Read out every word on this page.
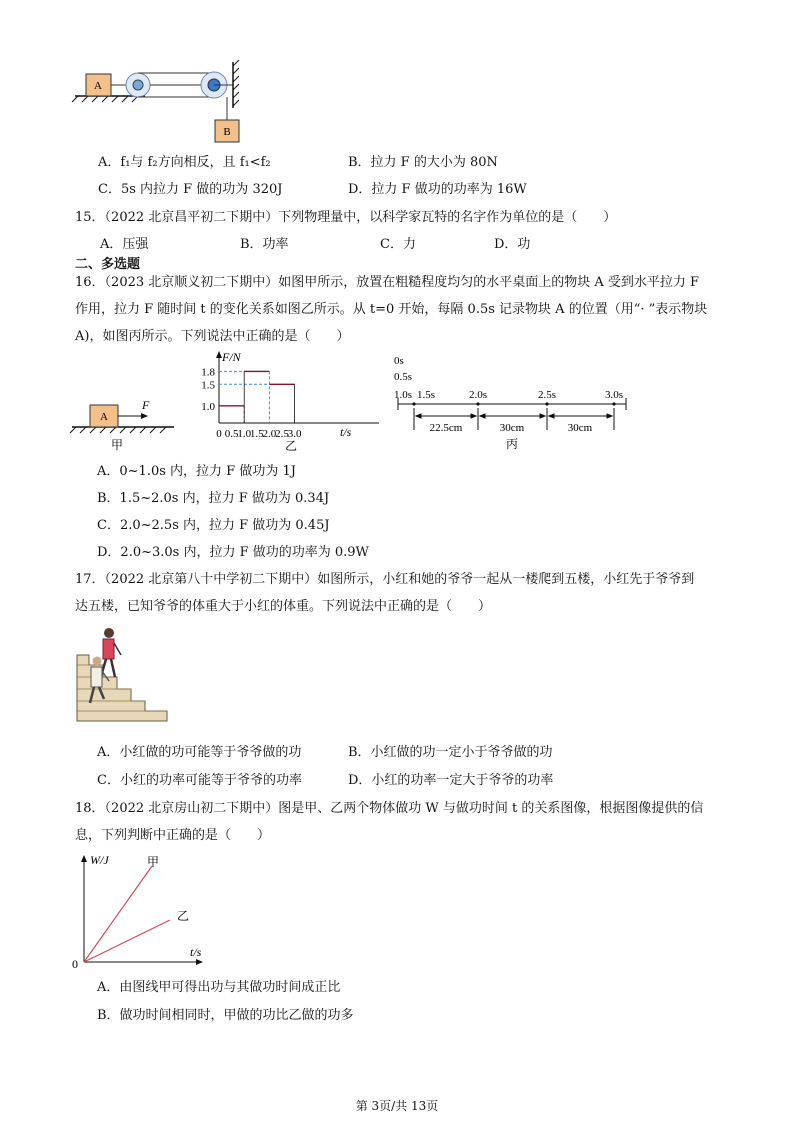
A
B
A．f₁与 f₂方向相反，且 f₁<f₂	B．拉力 F 的大小为 80N
C．5s 内拉力 F 做的功为 320J	D．拉力 F 做功的功率为 16W
15．（2022 北京昌平初二下期中）下列物理量中，以科学家瓦特的名字作为单位的是（　　）
A．压强	B．功率	C．力	D．功
二、多选题
16．（2023 北京顺义初二下期中）如图甲所示，放置在粗糙程度均匀的水平桌面上的物块 A 受到水平拉力 F
作用，拉力 F 随时间 t 的变化关系如图乙所示。从 t=0 开始，每隔 0.5s 记录物块 A 的位置（用“· ”表示物块
A)，如图丙所示。下列说法中正确的是（　　）
A
F
甲
1.8
1.5
1.0
0 0.5
1.0
1.5
2.0
2.5
3.0
F/N
t/s
乙
0s
0.5s
1.0s 1.5s	2.0s	2.5s	3.0s
22.5cm	30cm	30cm
丙
A．0~1.0s 内，拉力 F 做功为 1J
B．1.5~2.0s 内，拉力 F 做功为 0.34J
C．2.0~2.5s 内，拉力 F 做功为 0.45J
D．2.0~3.0s 内，拉力 F 做功的功率为 0.9W
17．（2022 北京第八十中学初二下期中）如图所示，小红和她的爷爷一起从一楼爬到五楼，小红先于爷爷到
达五楼，已知爷爷的体重大于小红的体重。下列说法中正确的是（　　）
A．小红做的功可能等于爷爷做的功	B．小红做的功一定小于爷爷做的功
C．小红的功率可能等于爷爷的功率	D．小红的功率一定大于爷爷的功率
18．（2022 北京房山初二下期中）图是甲、乙两个物体做功 W 与做功时间 t 的关系图像，根据图像提供的信
息，下列判断中正确的是（　　）
W/J
t/s
0
甲
乙
A．由图线甲可得出功与其做功时间成正比
B．做功时间相同时，甲做的功比乙做的功多
第 3页/共 13页
